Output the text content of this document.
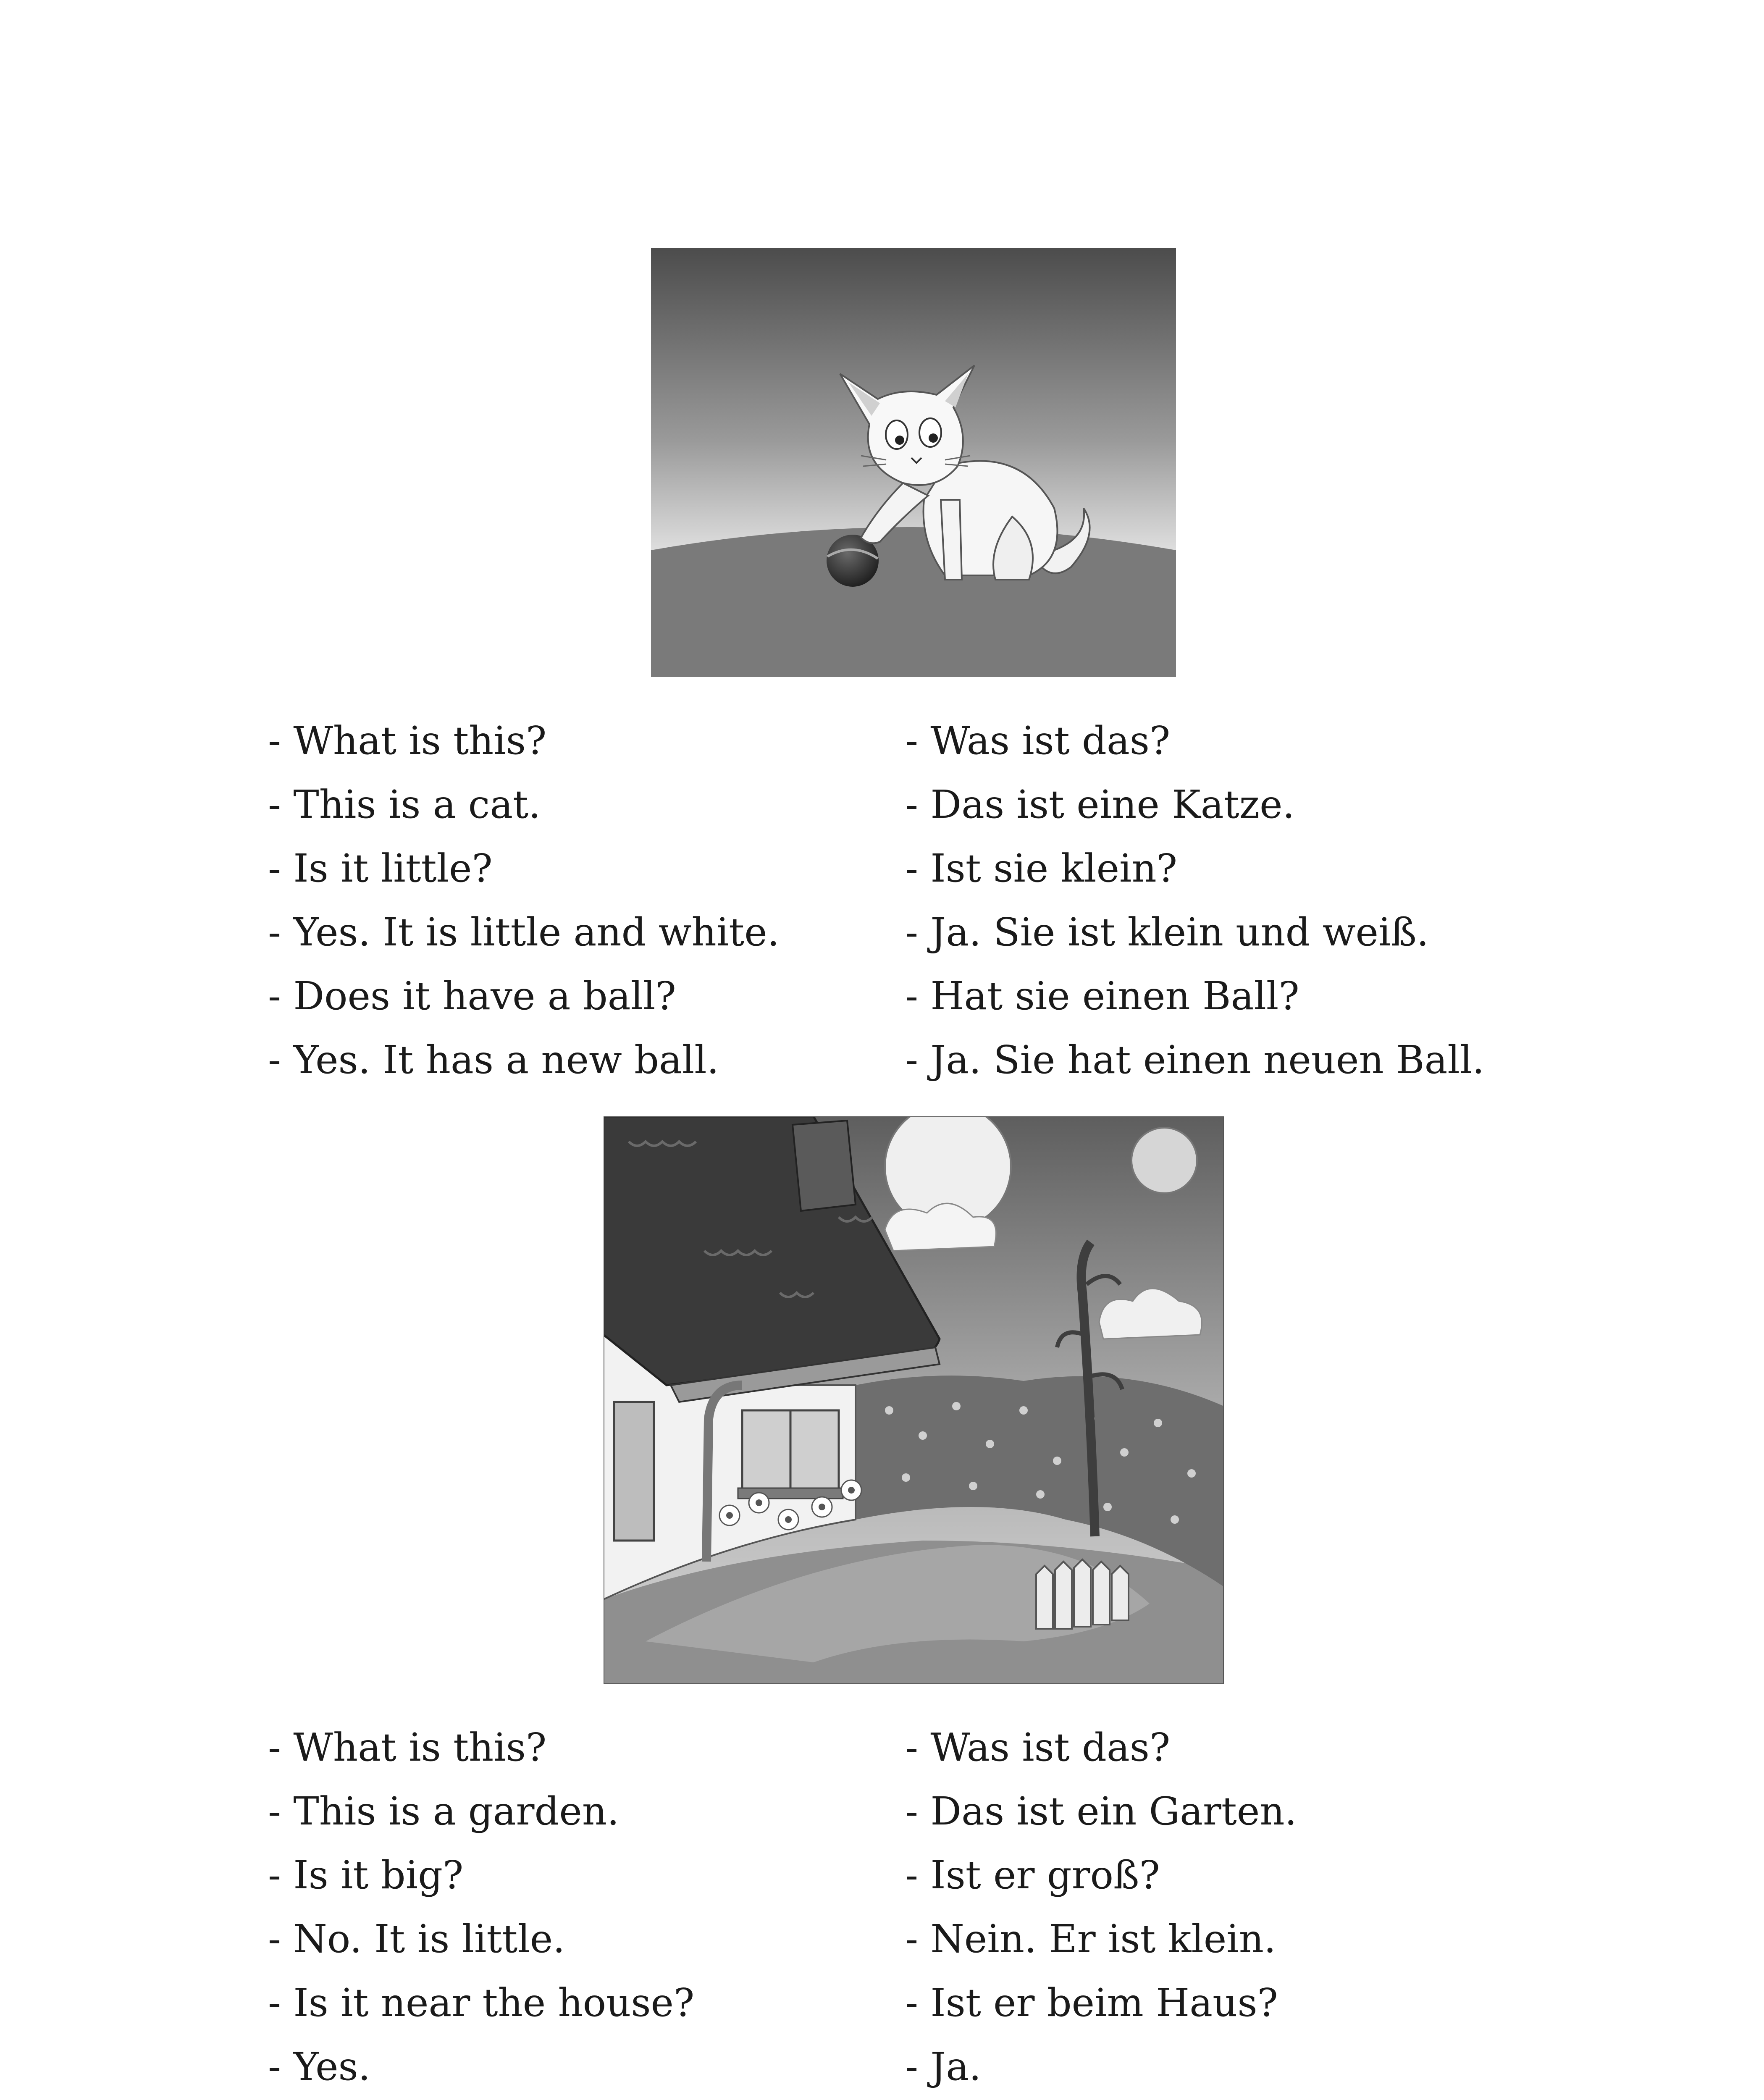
- What is this?	- Was ist das?
- This is a cat.	- Das ist eine Katze.
- Is it little?	- Ist sie klein?
- Yes. It is little and white.	- Ja. Sie ist klein und weiß.
- Does it have a ball?	- Hat sie einen Ball?
- Yes. It has a new ball.	- Ja. Sie hat einen neuen Ball.
- What is this?	- Was ist das?
- This is a garden.	- Das ist ein Garten.
- Is it big?	- Ist er groß?
- No. It is little.	- Nein. Er ist klein.
- Is it near the house?	- Ist er beim Haus?
- Yes.	- Ja.
